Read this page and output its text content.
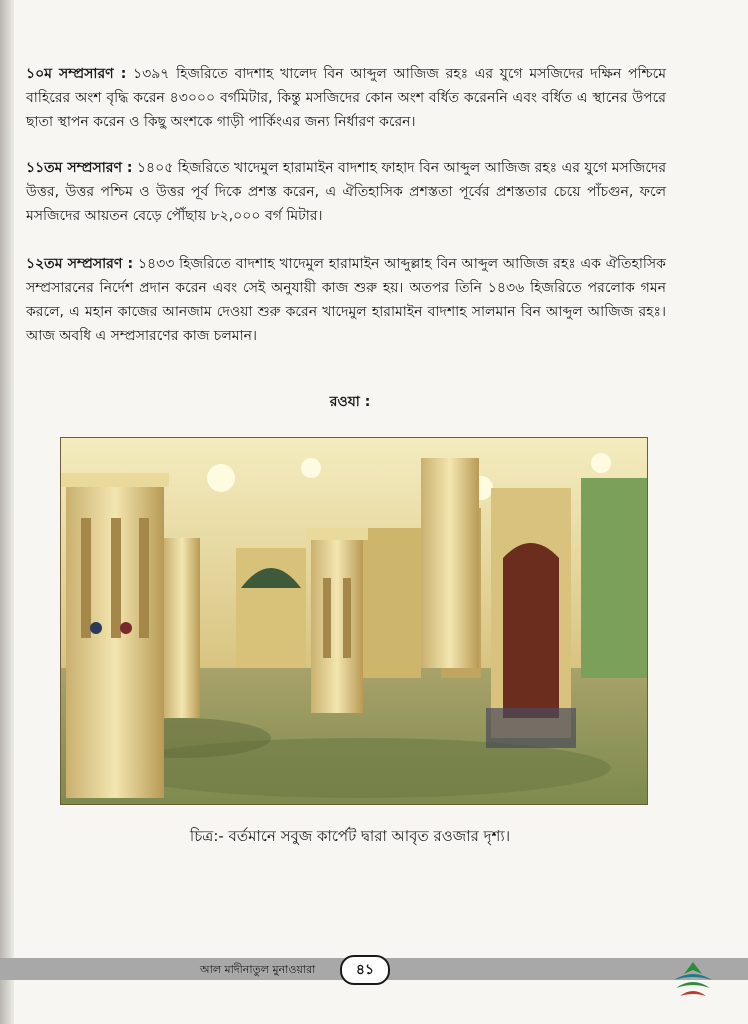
১০ম সম্প্রসারণ : ১৩৯৭ হিজরিতে বাদশাহ খালেদ বিন আব্দুল আজিজ রহঃ এর যুগে মসজিদের দক্ষিন পশ্চিমে বাহিরের অংশ বৃদ্ধি করেন ৪৩০০০ বর্গমিটার, কিন্তু মসজিদের কোন অংশ বর্ধিত করেননি এবং বর্ধিত এ স্থানের উপরে ছাতা স্থাপন করেন ও কিছু অংশকে গাড়ী পার্কিংএর জন্য নির্ধারণ করেন।
১১তম সম্প্রসারণ : ১৪০৫ হিজরিতে খাদেমুল হারামাইন বাদশাহ ফাহাদ বিন আব্দুল আজিজ রহঃ এর যুগে মসজিদের উত্তর, উত্তর পশ্চিম ও উত্তর পূর্ব দিকে প্রশস্ত করেন, এ ঐতিহাসিক প্রশস্ততা পূর্বের প্রশস্ততার চেয়ে পাঁচগুন, ফলে মসজিদের আয়তন বেড়ে পৌঁছায় ৮২,০০০ বর্গ মিটার।
১২তম সম্প্রসারণ : ১৪৩৩ হিজরিতে বাদশাহ খাদেমুল হারামাইন আব্দুল্লাহ বিন আব্দুল আজিজ রহঃ এক ঐতিহাসিক সম্প্রসারনের নির্দেশ প্রদান করেন এবং সেই অনুযায়ী কাজ শুরু হয়। অতপর তিনি ১৪৩৬ হিজরিতে পরলোক গমন করলে, এ মহান কাজের আনজাম দেওয়া শুরু করেন খাদেমুল হারামাইন বাদশাহ সালমান বিন আব্দুল আজিজ রহঃ। আজ অবধি এ সম্প্রসারণের কাজ চলমান।
রওযা :
চিত্র:- বর্তমানে সবুজ কার্পেট দ্বারা আবৃত রওজার দৃশ্য।
আল মাদীনাতুল মুনাওয়ারা	৪১
